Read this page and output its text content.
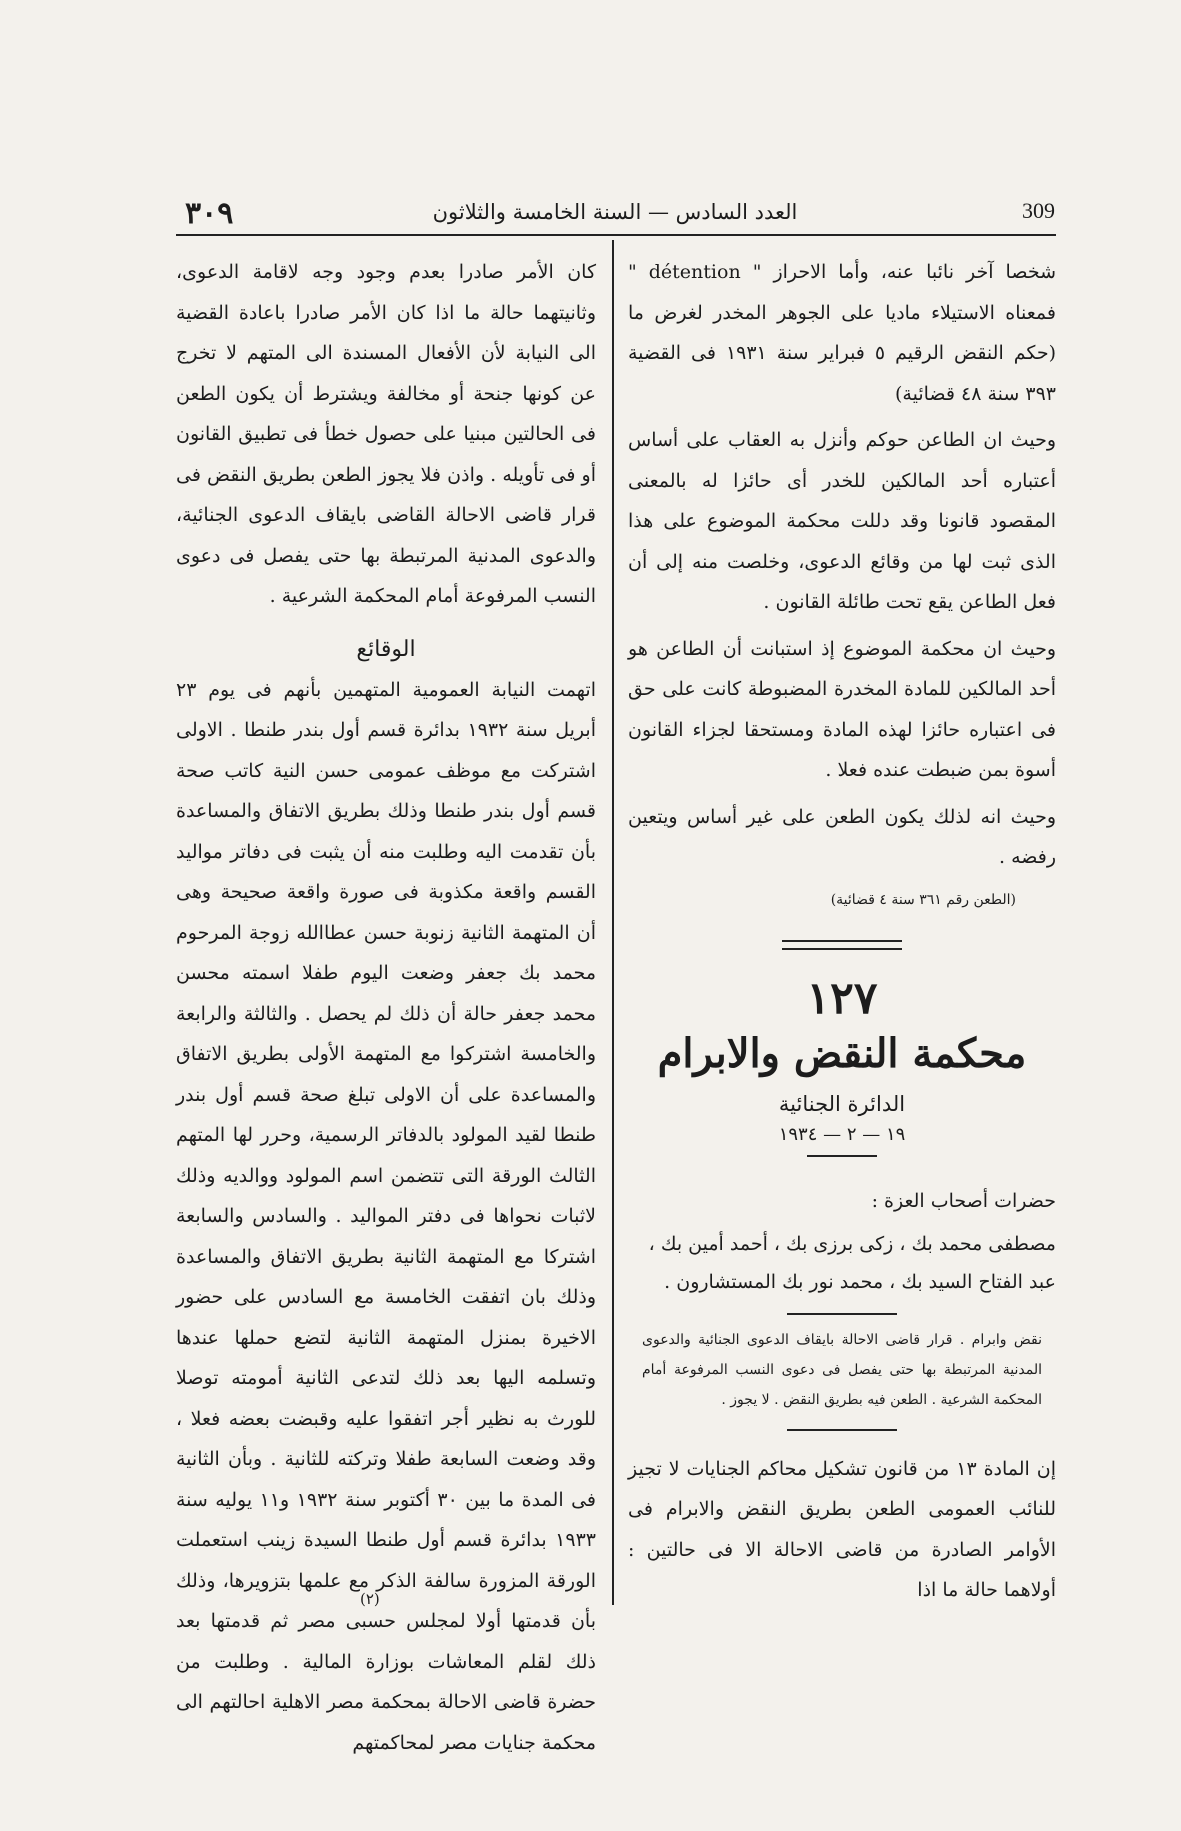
٣٠٩	العدد السادس — السنة الخامسة والثلاثون	309

شخصا آخر نائبا عنه، وأما الاحراز " détention " فمعناه الاستيلاء ماديا على الجوهر المخدر لغرض ما (حكم النقض الرقيم ٥ فبراير سنة ١٩٣١ فى القضية ٣٩٣ سنة ٤٨ قضائية)

وحيث ان الطاعن حوكم وأنزل به العقاب على أساس أعتباره أحد المالكين للخدر أى حائزا له بالمعنى المقصود قانونا وقد دللت محكمة الموضوع على هذا الذى ثبت لها من وقائع الدعوى، وخلصت منه إلى أن فعل الطاعن يقع تحت طائلة القانون .

وحيث ان محكمة الموضوع إذ استبانت أن الطاعن هو أحد المالكين للمادة المخدرة المضبوطة كانت على حق فى اعتباره حائزا لهذه المادة ومستحقا لجزاء القانون أسوة بمن ضبطت عنده فعلا .

وحيث انه لذلك يكون الطعن على غير أساس ويتعين رفضه .

(الطعن رقم ٣٦١ سنة ٤ قضائية)
١٢٧
محكمة النقض والابرام
الدائرة الجنائية
١٩ — ٢ — ١٩٣٤
حضرات أصحاب العزة :
مصطفى محمد بك ، زكى برزى بك ، أحمد أمين بك ، عبد الفتاح السيد بك ، محمد نور بك المستشارون .
نقض وابرام . قرار قاضى الاحالة بايقاف الدعوى الجنائية والدعوى المدنية المرتبطة بها حتى يفصل فى دعوى النسب المرفوعة أمام المحكمة الشرعية . الطعن فيه بطريق النقض . لا يجوز .

إن المادة ١٣ من قانون تشكيل محاكم الجنايات لا تجيز للنائب العمومى الطعن بطريق النقض والابرام فى الأوامر الصادرة من قاضى الاحالة الا فى حالتين : أولاهما حالة ما اذا

كان الأمر صادرا بعدم وجود وجه لاقامة الدعوى، وثانيتهما حالة ما اذا كان الأمر صادرا باعادة القضية الى النيابة لأن الأفعال المسندة الى المتهم لا تخرج عن كونها جنحة أو مخالفة ويشترط أن يكون الطعن فى الحالتين مبنيا على حصول خطأ فى تطبيق القانون أو فى تأويله . واذن فلا يجوز الطعن بطريق النقض فى قرار قاضى الاحالة القاضى بايقاف الدعوى الجنائية، والدعوى المدنية المرتبطة بها حتى يفصل فى دعوى النسب المرفوعة أمام المحكمة الشرعية .

الوقائع

اتهمت النيابة العمومية المتهمين بأنهم فى يوم ٢٣ أبريل سنة ١٩٣٢ بدائرة قسم أول بندر طنطا . الاولى اشتركت مع موظف عمومى حسن النية كاتب صحة قسم أول بندر طنطا وذلك بطريق الاتفاق والمساعدة بأن تقدمت اليه وطلبت منه أن يثبت فى دفاتر مواليد القسم واقعة مكذوبة فى صورة واقعة صحيحة وهى أن المتهمة الثانية زنوبة حسن عطاالله زوجة المرحوم محمد بك جعفر وضعت اليوم طفلا اسمته محسن محمد جعفر حالة أن ذلك لم يحصل . والثالثة والرابعة والخامسة اشتركوا مع المتهمة الأولى بطريق الاتفاق والمساعدة على أن الاولى تبلغ صحة قسم أول بندر طنطا لقيد المولود بالدفاتر الرسمية، وحرر لها المتهم الثالث الورقة التى تتضمن اسم المولود ووالديه وذلك لاثبات نحواها فى دفتر المواليد . والسادس والسابعة اشتركا مع المتهمة الثانية بطريق الاتفاق والمساعدة وذلك بان اتفقت الخامسة مع السادس على حضور الاخيرة بمنزل المتهمة الثانية لتضع حملها عندها وتسلمه اليها بعد ذلك لتدعى الثانية أمومته توصلا للورث به نظير أجر اتفقوا عليه وقبضت بعضه فعلا ، وقد وضعت السابعة طفلا وتركته للثانية . وبأن الثانية فى المدة ما بين ٣٠ أكتوبر سنة ١٩٣٢ و١١ يوليه سنة ١٩٣٣ بدائرة قسم أول طنطا السيدة زينب استعملت الورقة المزورة سالفة الذكر مع علمها بتزويرها، وذلك بأن قدمتها أولا لمجلس حسبى مصر ثم قدمتها بعد ذلك لقلم المعاشات بوزارة المالية . وطلبت من حضرة قاضى الاحالة بمحكمة مصر الاهلية احالتهم الى محكمة جنايات مصر لمحاكمتهم

(٢)
